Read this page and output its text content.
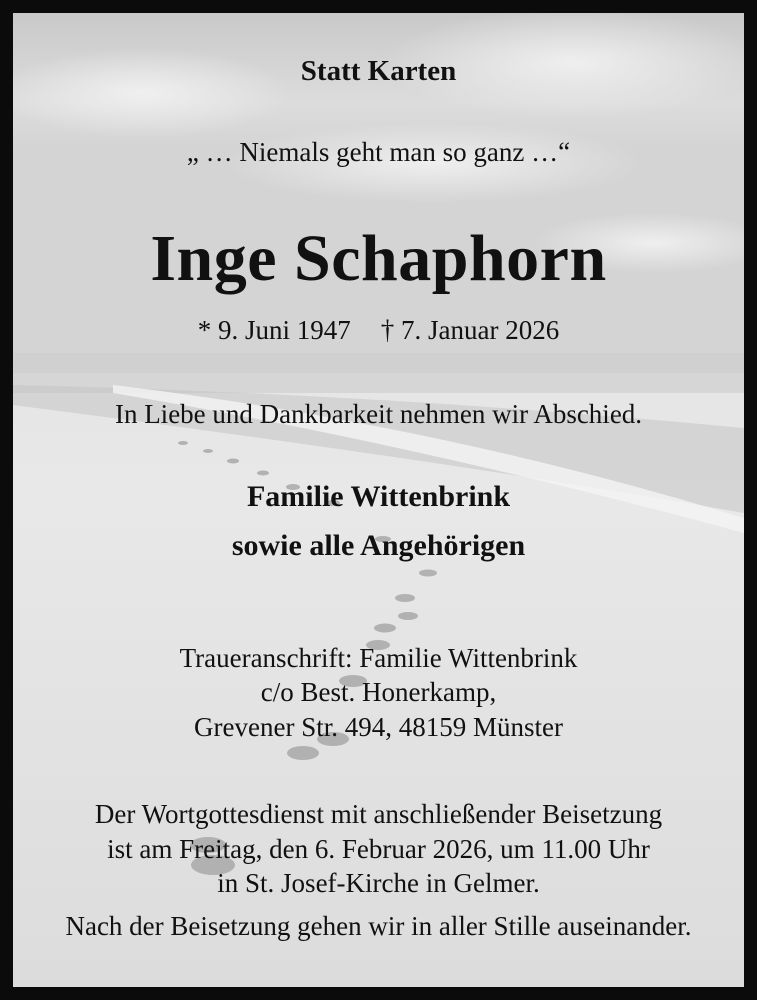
Statt Karten
„ … Niemals geht man so ganz …“
Inge Schaphorn
* 9. Juni 1947 † 7. Januar 2026
In Liebe und Dankbarkeit nehmen wir Abschied.
Familie Wittenbrink
sowie alle Angehörigen
Traueranschrift: Familie Wittenbrink
c/o Best. Honerkamp,
Grevener Str. 494, 48159 Münster
Der Wortgottesdienst mit anschließender Beisetzung
ist am Freitag, den 6. Februar 2026, um 11.00 Uhr
in St. Josef-Kirche in Gelmer.
Nach der Beisetzung gehen wir in aller Stille auseinander.
